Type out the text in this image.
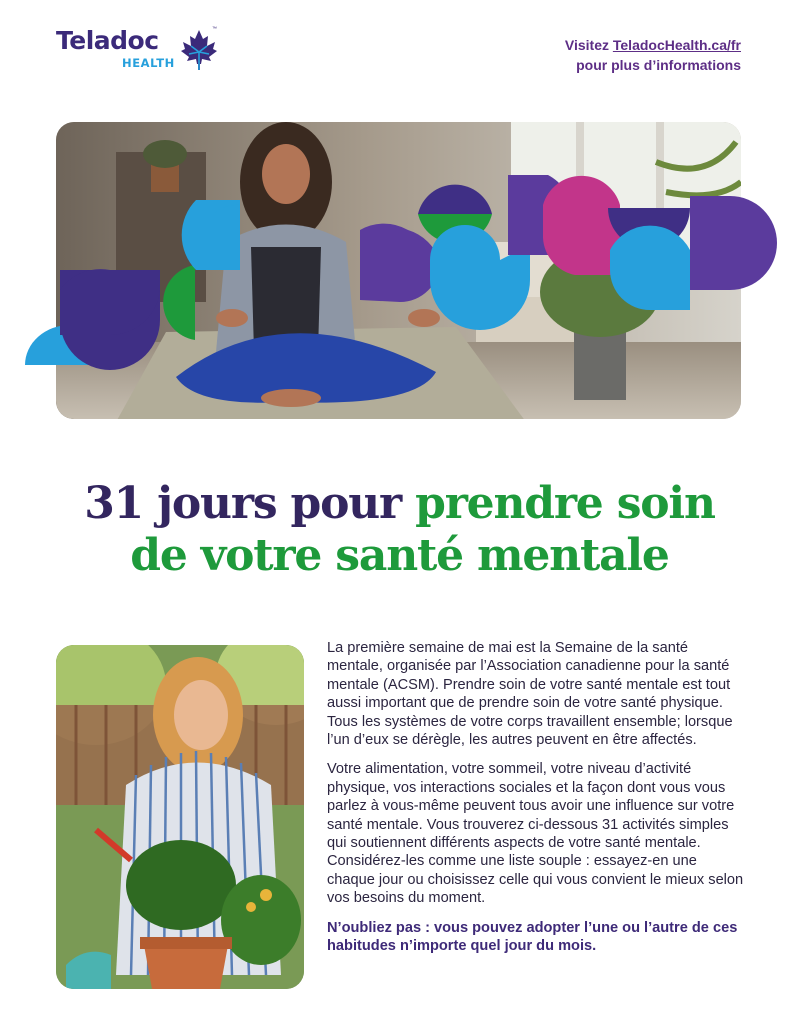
Teladoc
HEALTH
™
Visitez TeladocHealth.ca/fr
pour plus d’informations
31 jours pour prendre soin
de votre santé mentale

La première semaine de mai est la Semaine de la santé mentale, organisée par l’Association canadienne pour la santé mentale (ACSM). Prendre soin de votre santé mentale est tout aussi important que de prendre soin de votre santé physique. Tous les systèmes de votre corps travaillent ensemble; lorsque l’un d’eux se dérègle, les autres peuvent en être affectés.

Votre alimentation, votre sommeil, votre niveau d’activité physique, vos interactions sociales et la façon dont vous vous parlez à vous-même peuvent tous avoir une influence sur votre santé mentale. Vous trouverez ci-dessous 31 activités simples qui soutiennent différents aspects de votre santé mentale. Considérez-les comme une liste souple : essayez-en une chaque jour ou choisissez celle qui vous convient le mieux selon vos besoins du moment.

N’oubliez pas : vous pouvez adopter l’une ou l’autre de ces habitudes n’importe quel jour du mois.
